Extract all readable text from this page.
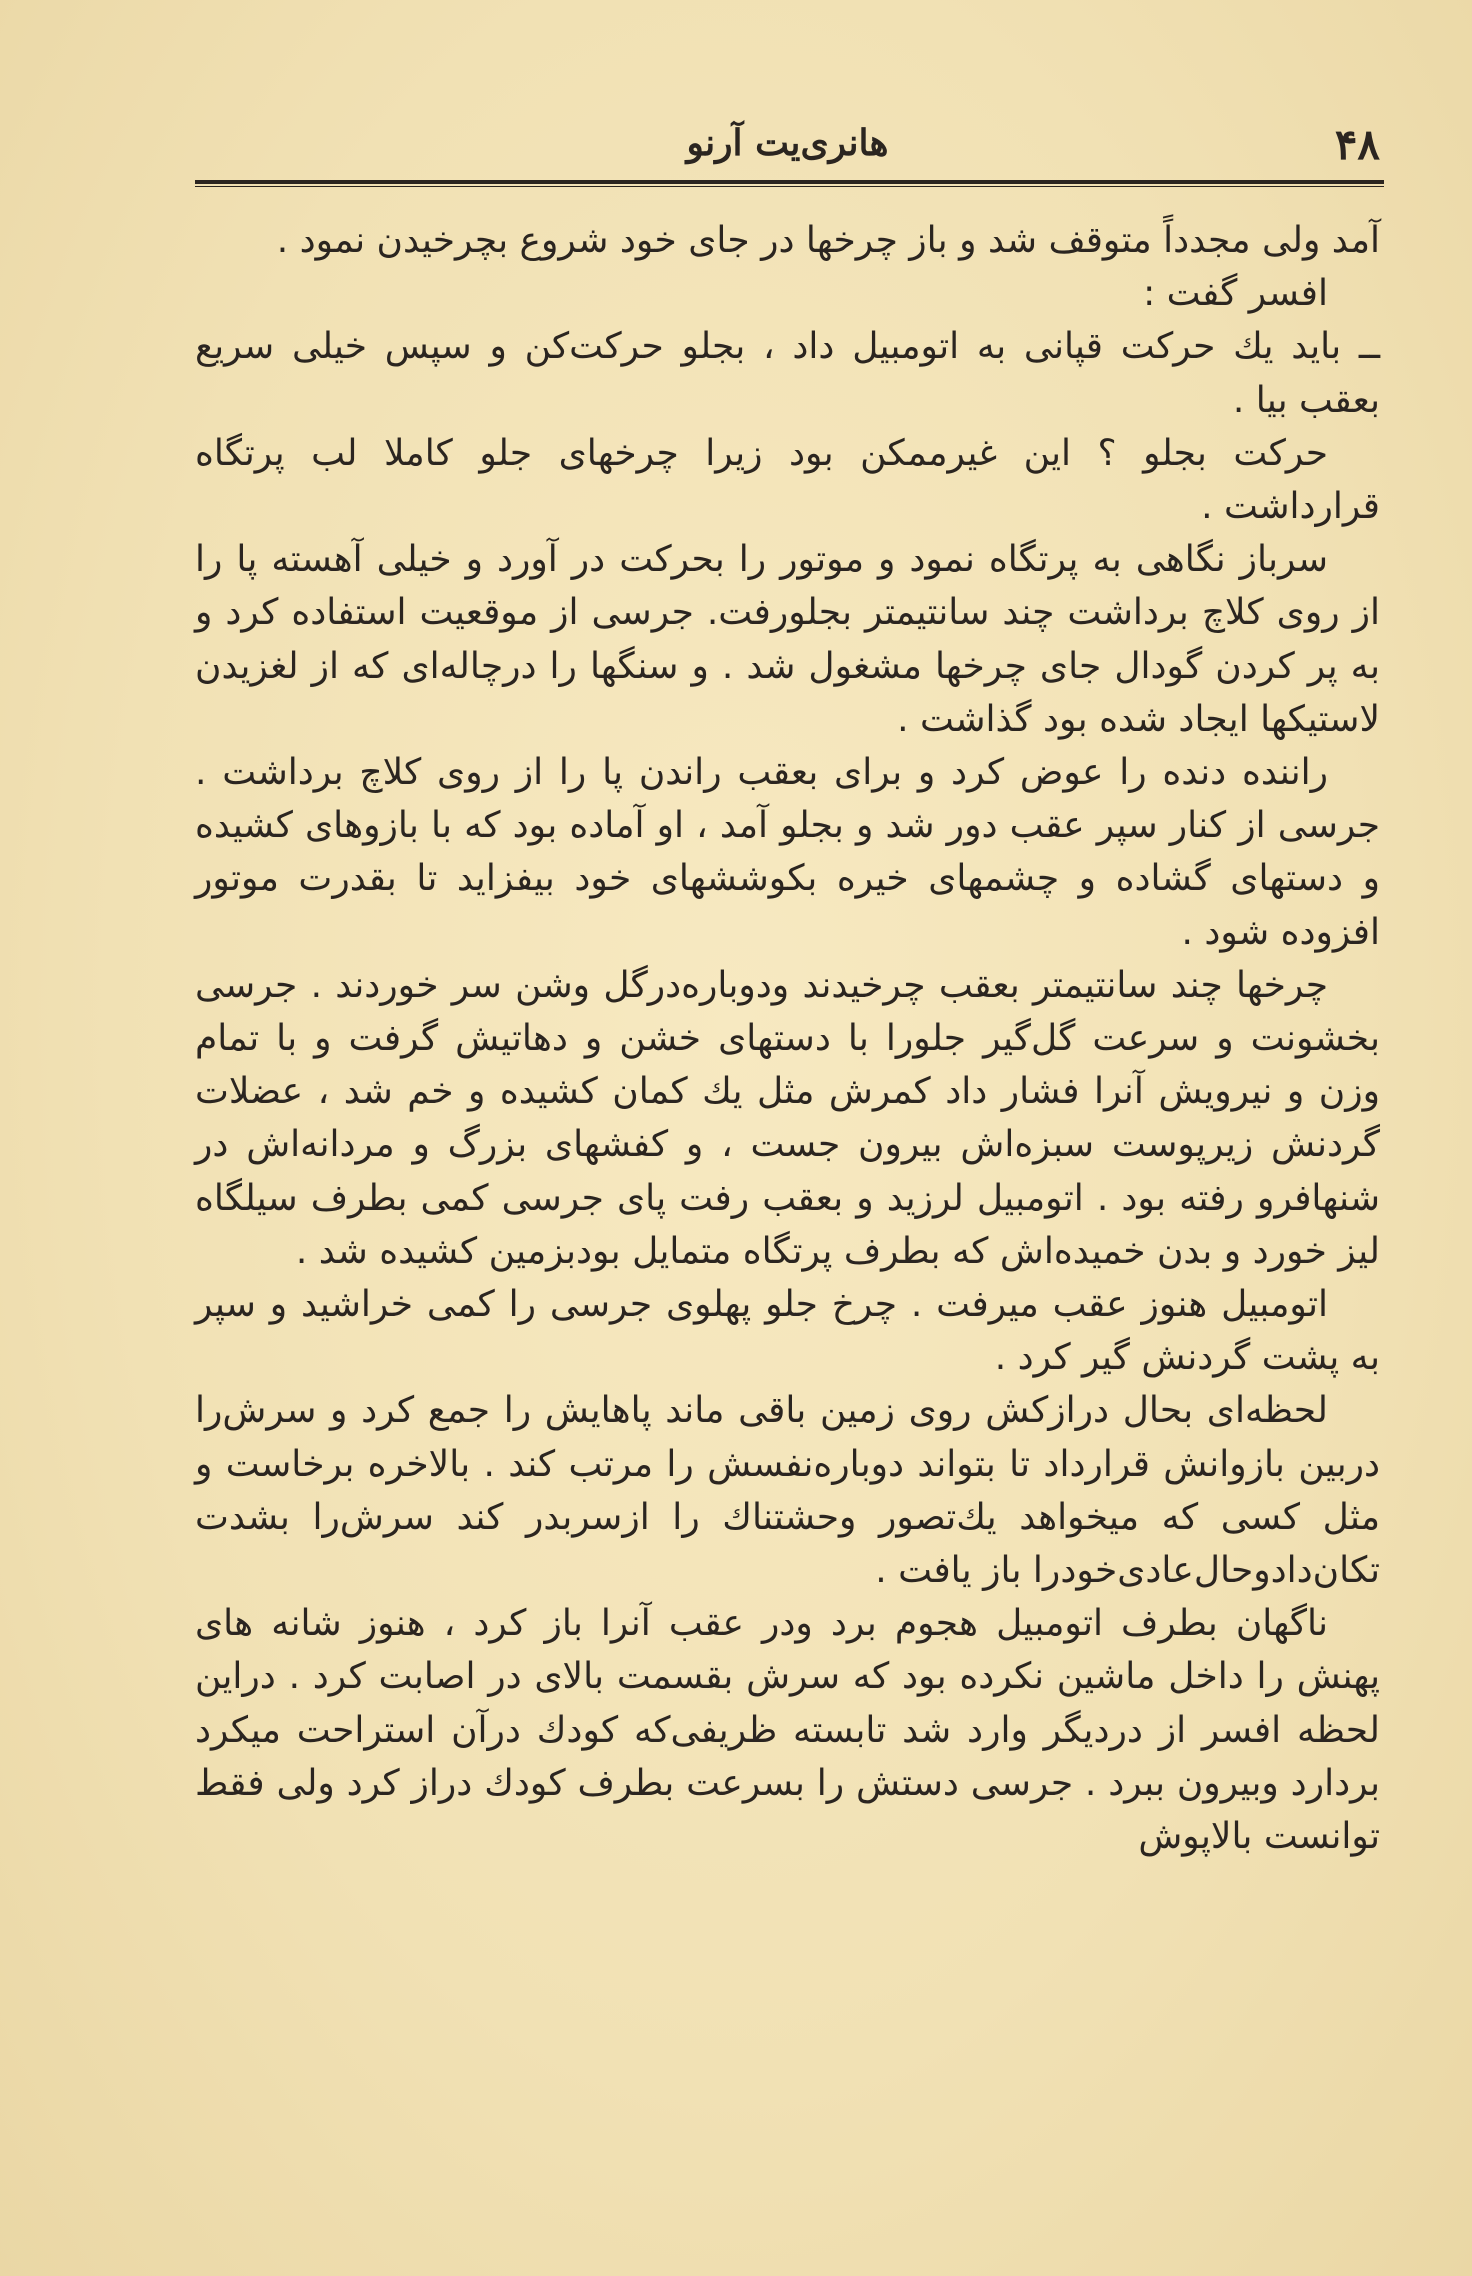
۴۸
هانری‌یت آرنو

آمد ولی مجدداً متوقف شد و باز چرخها در جای خود شروع بچرخیدن نمود .

افسر گفت :

ــ باید یك حرکت قپانی به اتومبیل داد ، بجلو حرکت‌کن و سپس خیلی سریع بعقب بیا .

حرکت بجلو ؟ این غیرممکن بود زیرا چرخهای جلو کاملا لب پرتگاه قرارداشت .

سرباز نگاهی به پرتگاه نمود و موتور را بحرکت در آورد و خیلی آهسته پا را از روی کلاچ برداشت چند سانتیمتر بجلورفت. جرسی از موقعیت استفاده کرد و به پر کردن گودال جای چرخها مشغول شد . و سنگها را درچاله‌ای که از لغزیدن لاستیکها ایجاد شده بود گذاشت .

راننده دنده را عوض کرد و برای بعقب راندن پا را از روی کلاچ برداشت . جرسی از کنار سپر عقب دور شد و بجلو آمد ، او آماده بود که با بازوهای کشیده و دستهای گشاده و چشمهای خیره بکوششهای خود بیفزاید تا بقدرت موتور افزوده شود .

چرخها چند سانتیمتر بعقب چرخیدند ودوباره‌درگل وشن سر خوردند . جرسی بخشونت و سرعت گل‌گیر جلورا با دستهای خشن و دهاتیش گرفت و با تمام وزن و نیرویش آنرا فشار داد کمرش مثل یك کمان کشیده و خم شد ، عضلات گردنش زیرپوست سبزه‌اش بیرون جست ، و کفشهای بزرگ و مردانه‌اش در شنهافرو رفته بود . اتومبیل لرزید و بعقب رفت پای جرسی کمی بطرف سیلگاه لیز خورد و بدن خمیده‌اش که بطرف پرتگاه متمایل بودبزمین کشیده شد .

اتومبیل هنوز عقب میرفت . چرخ جلو پهلوی جرسی را کمی خراشید و سپر به پشت گردنش گیر کرد .

لحظه‌ای بحال درازکش روی زمین باقی ماند پاهایش را جمع کرد و سرش‌را دربین بازوانش قرارداد تا بتواند دوباره‌نفسش را مرتب کند . بالاخره برخاست و مثل کسی که میخواهد یك‌تصور وحشتناك را ازسربدر کند سرش‌را بشدت تکان‌دادوحال‌عادی‌خودرا باز یافت .

ناگهان بطرف اتومبیل هجوم برد ودر عقب آنرا باز کرد ، هنوز شانه های پهنش را داخل ماشین نکرده بود که سرش بقسمت بالای در اصابت کرد . دراین لحظه افسر از دردیگر وارد شد تابسته ظریفی‌که کودك درآن استراحت میکرد بردارد وبیرون ببرد . جرسی دستش را بسرعت بطرف کودك دراز کرد ولی فقط توانست بالاپوش
